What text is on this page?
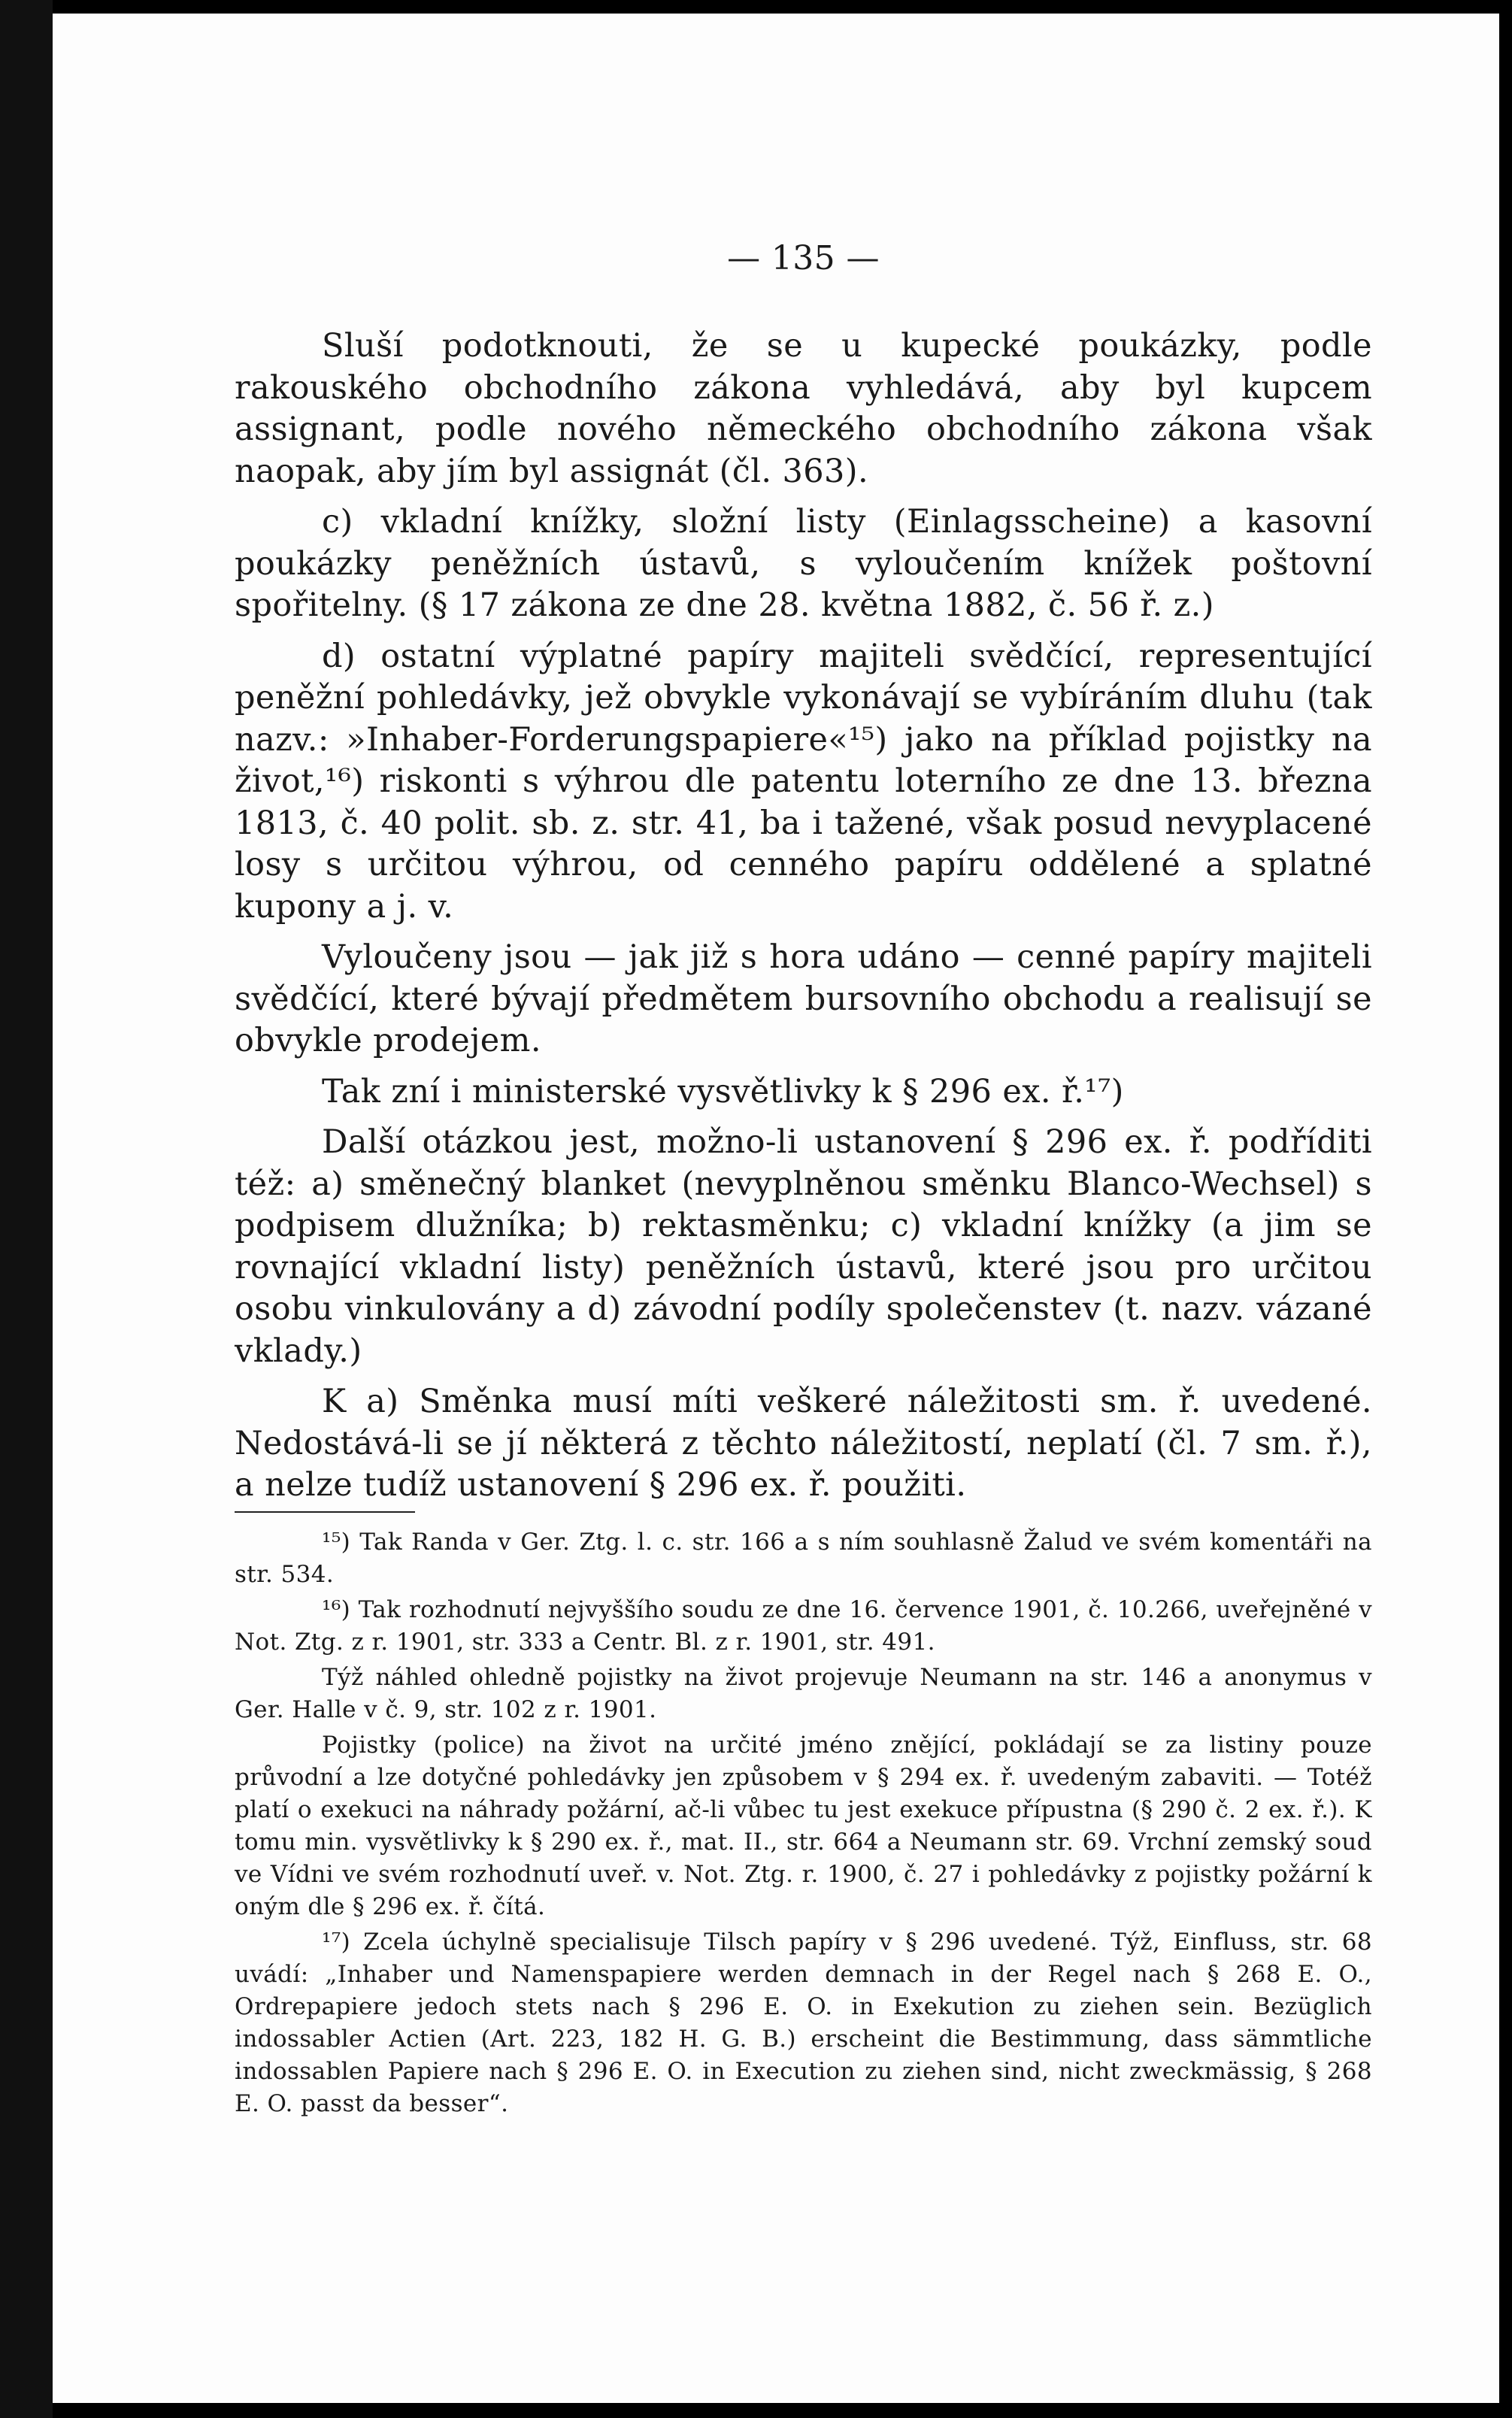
— 135 —

Sluší podotknouti, že se u kupecké poukázky, podle rakouského obchodního zákona vyhledává, aby byl kupcem assignant, podle nového německého obchodního zákona však naopak, aby jím byl assignát (čl. 363).

c) vkladní knížky, složní listy (Einlagsscheine) a kasovní poukázky peněžních ústavů, s vyloučením knížek poštovní spořitelny. (§ 17 zákona ze dne 28. května 1882, č. 56 ř. z.)

d) ostatní výplatné papíry majiteli svědčící, representující peněžní pohledávky, jež obvykle vykonávají se vybíráním dluhu (tak nazv.: »Inhaber-Forderungspapiere«¹⁵) jako na příklad pojistky na život,¹⁶) riskonti s výhrou dle patentu loterního ze dne 13. března 1813, č. 40 polit. sb. z. str. 41, ba i tažené, však posud nevyplacené losy s určitou výhrou, od cenného papíru oddělené a splatné kupony a j. v.

Vyloučeny jsou — jak již s hora udáno — cenné papíry majiteli svědčící, které bývají předmětem bursovního obchodu a realisují se obvykle prodejem.

Tak zní i ministerské vysvětlivky k § 296 ex. ř.¹⁷)

Další otázkou jest, možno-li ustanovení § 296 ex. ř. podříditi též: a) směnečný blanket (nevyplněnou směnku Blanco-Wechsel) s podpisem dlužníka; b) rektasměnku; c) vkladní knížky (a jim se rovnající vkladní listy) peněžních ústavů, které jsou pro určitou osobu vinkulovány a d) závodní podíly společenstev (t. nazv. vázané vklady.)

K a) Směnka musí míti veškeré náležitosti sm. ř. uvedené. Nedostává-li se jí některá z těchto náležitostí, neplatí (čl. 7 sm. ř.), a nelze tudíž ustanovení § 296 ex. ř. použiti.

¹⁵) Tak Randa v Ger. Ztg. l. c. str. 166 a s ním souhlasně Žalud ve svém komentáři na str. 534.

¹⁶) Tak rozhodnutí nejvyššího soudu ze dne 16. července 1901, č. 10.266, uveřejněné v Not. Ztg. z r. 1901, str. 333 a Centr. Bl. z r. 1901, str. 491.

Týž náhled ohledně pojistky na život projevuje Neumann na str. 146 a anonymus v Ger. Halle v č. 9, str. 102 z r. 1901.

Pojistky (police) na život na určité jméno znějící, pokládají se za listiny pouze průvodní a lze dotyčné pohledávky jen způsobem v § 294 ex. ř. uvedeným zabaviti. — Totéž platí o exekuci na náhrady požární, ač-li vůbec tu jest exekuce přípustna (§ 290 č. 2 ex. ř.). K tomu min. vysvětlivky k § 290 ex. ř., mat. II., str. 664 a Neumann str. 69. Vrchní zemský soud ve Vídni ve svém rozhodnutí uveř. v. Not. Ztg. r. 1900, č. 27 i pohledávky z pojistky požární k oným dle § 296 ex. ř. čítá.

¹⁷) Zcela úchylně specialisuje Tilsch papíry v § 296 uvedené. Týž, Einfluss, str. 68 uvádí: „Inhaber und Namenspapiere werden demnach in der Regel nach § 268 E. O., Ordrepapiere jedoch stets nach § 296 E. O. in Exekution zu ziehen sein. Bezüglich indossabler Actien (Art. 223, 182 H. G. B.) erscheint die Bestimmung, dass sämmtliche indossablen Papiere nach § 296 E. O. in Execution zu ziehen sind, nicht zweckmässig, § 268 E. O. passt da besser“.
